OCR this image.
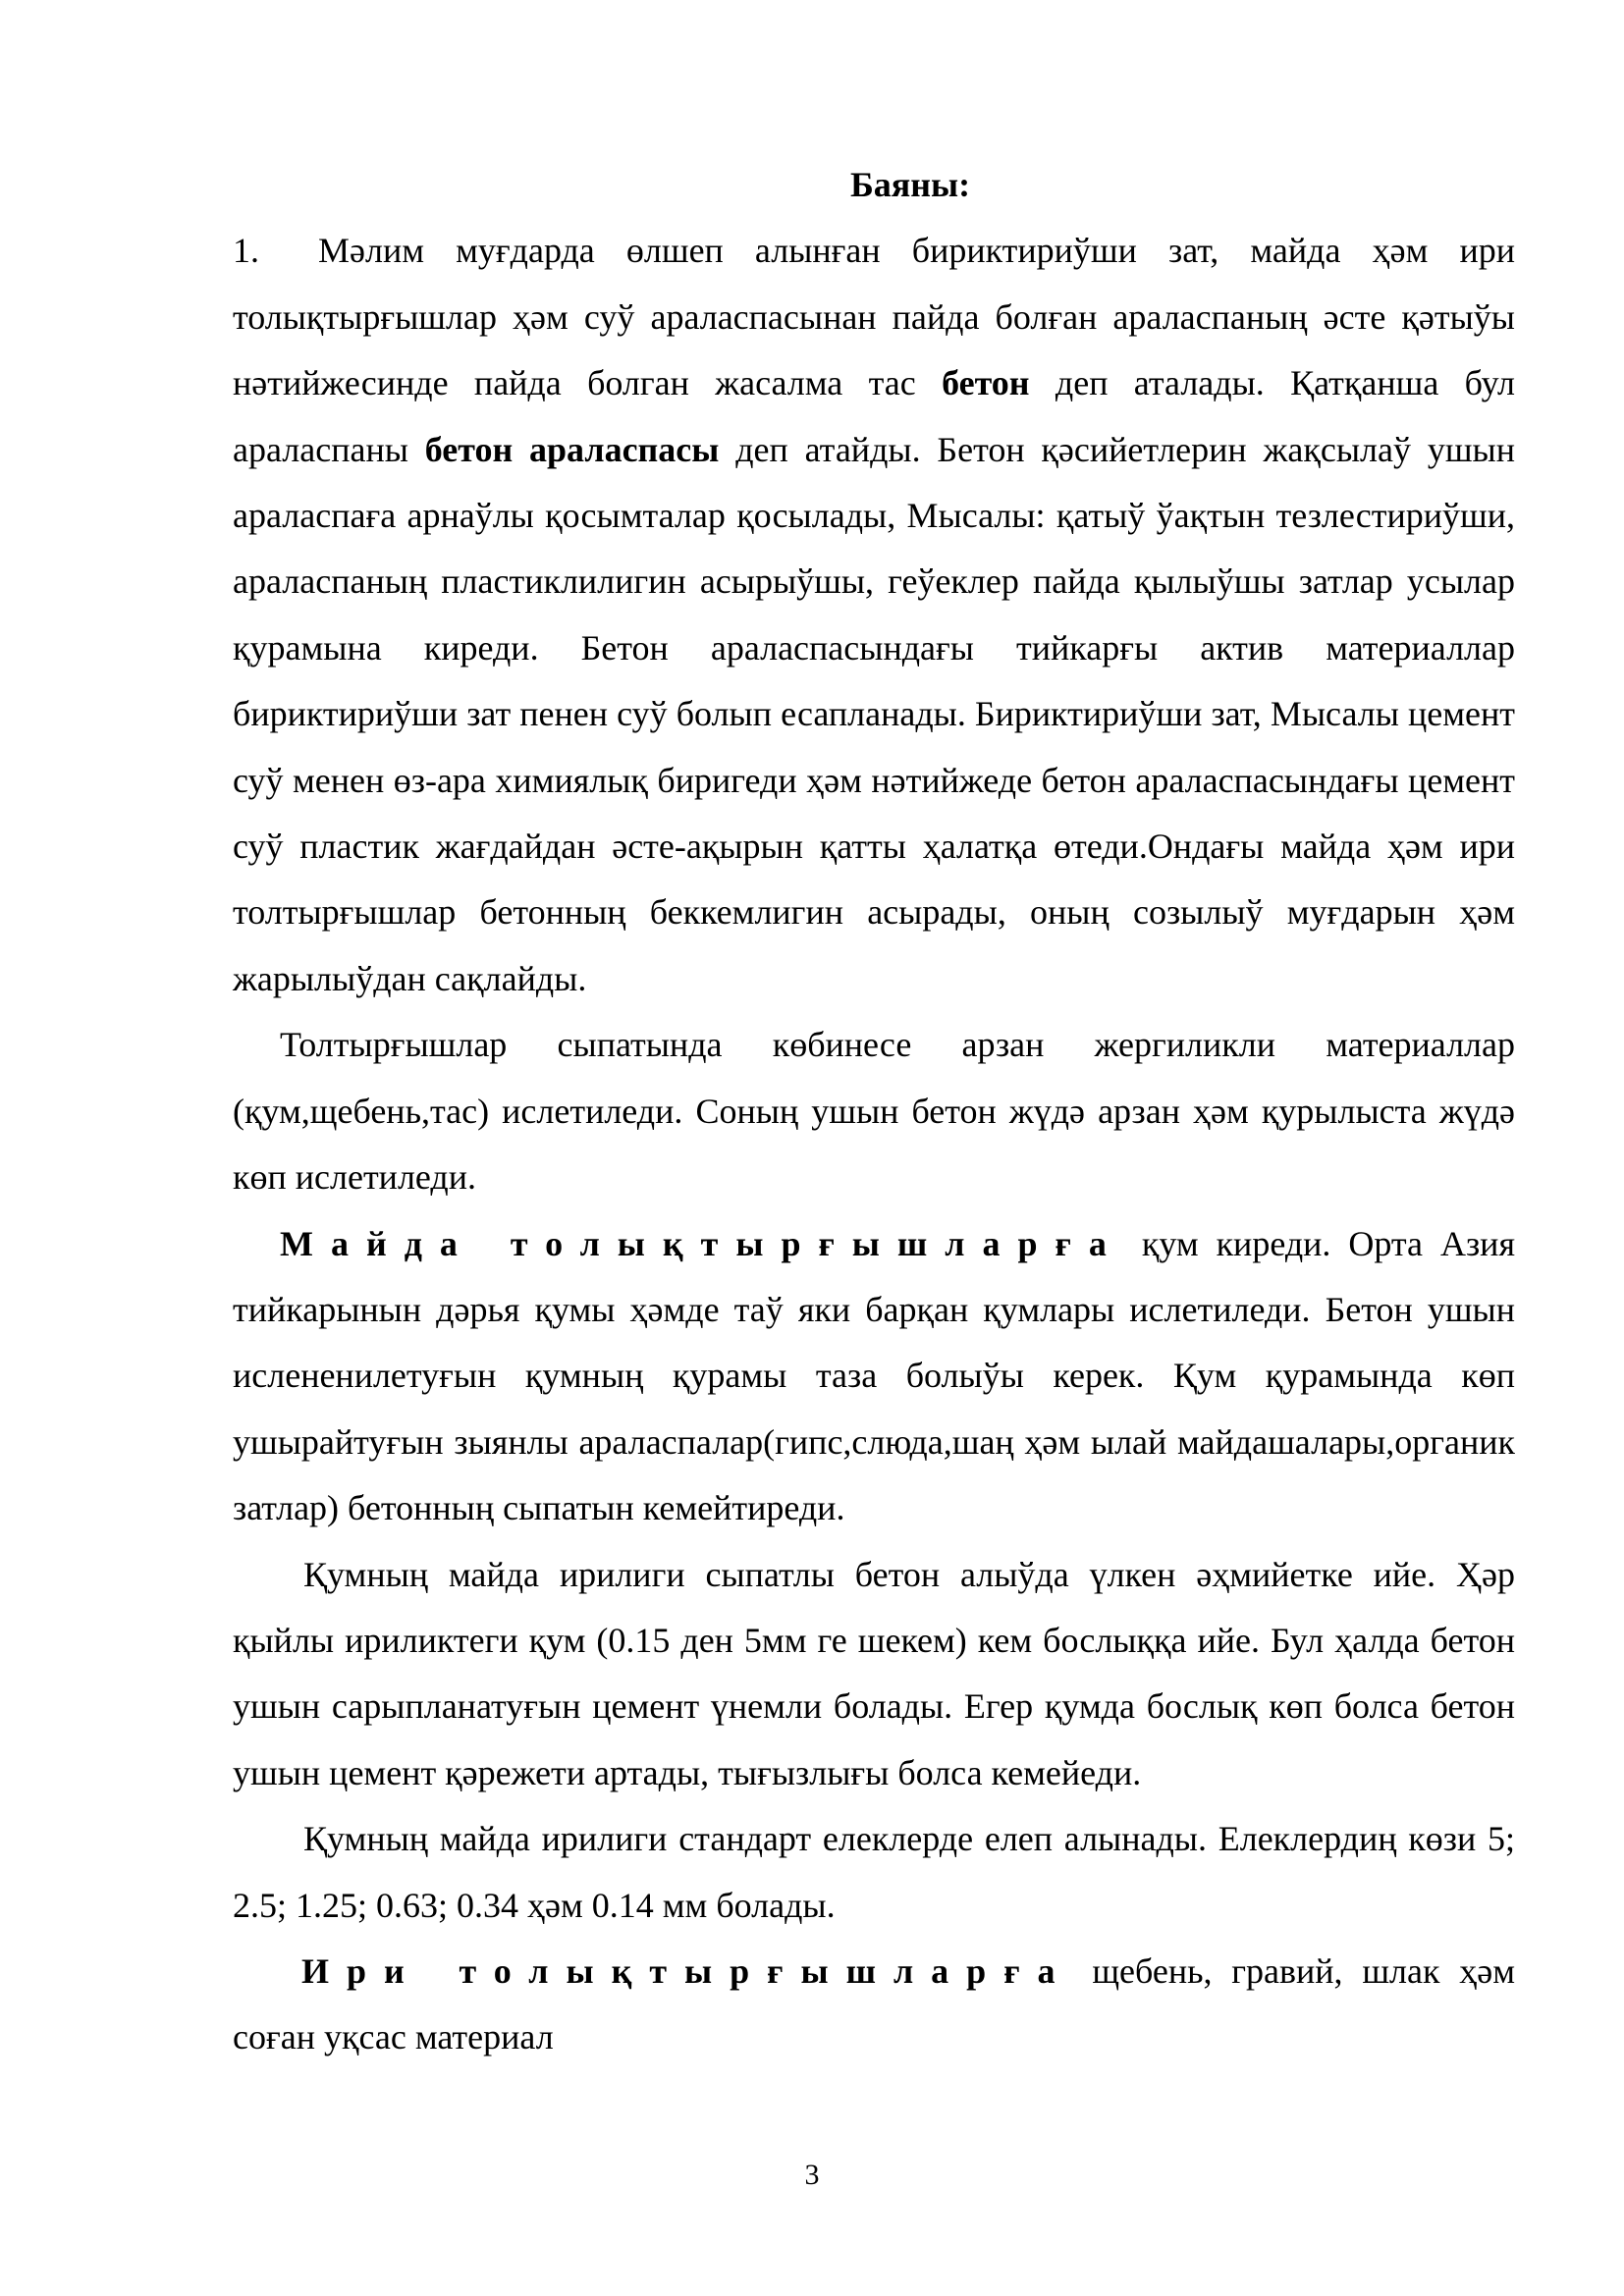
Баяны:

1. Мәлим муғдарда өлшеп алынған бириктириўши зат, майда ҳәм ири толықтырғышлар ҳәм суў араласпасынан пайда болған араласпаның әсте қәтыўы нәтийжесинде пайда болган жасалма тас бетон деп аталады. Қатқанша бул араласпаны бетон араласпасы деп атайды. Бетон қәсийетлерин жақсылаў ушын араласпаға арнаўлы қосымталар қосылады, Мысалы: қатыў ўақтын тезлестириўши, араласпаның пластиклилигин асырыўшы, геўеклер пайда қылыўшы затлар усылар қурамына киреди. Бетон араласпасындағы тийкарғы актив материаллар бириктириўши зат пенен суў болып есапланады. Бириктириўши зат, Мысалы цемент суў менен өз-ара химиялық биригеди ҳәм нәтийжеде бетон араласпасындағы цемент суў пластик жағдайдан әсте-ақырын қатты ҳалатқа өтеди.Ондағы майда ҳәм ири толтырғышлар бетонның беккемлигин асырады, оның созылыў муғдарын ҳәм жарылыўдан сақлайды.

Толтырғышлар сыпатында көбинесе арзан жергиликли материаллар (қум,щебень,тас) ислетиледи. Соның ушын бетон жүдә арзан ҳәм қурылыста жүдә көп ислетиледи.

Майда толықтырғышларға қум киреди. Орта Азия тийкарынын дәрья қумы ҳәмде таў яки барқан қумлары ислетиледи. Бетон ушын ислененилетуғын қумның қурамы таза болыўы керек. Қум қурамында көп ушырайтуғын зыянлы араласпалар(гипс,слюда,шаң ҳәм ылай майдашалары,органик затлар) бетонның сыпатын кемейтиреди.

Қумның майда ирилиги сыпатлы бетон алыўда үлкен әҳмийетке ийе. Ҳәр қыйлы ириликтеги қум (0.15 ден 5мм ге шекем) кем бослыққа ийе. Бул ҳалда бетон ушын сарыпланатуғын цемент үнемли болады. Егер қумда бослық көп болса бетон ушын цемент қәрежети артады, тығызлығы болса кемейеди.

Қумның майда ирилиги стандарт елеклерде елеп алынады. Елеклердиң көзи 5; 2.5; 1.25; 0.63; 0.34 ҳәм 0.14 мм болады.

Ири толықтырғышларға щебень, гравий, шлак ҳәм соған уқсас материал

3
